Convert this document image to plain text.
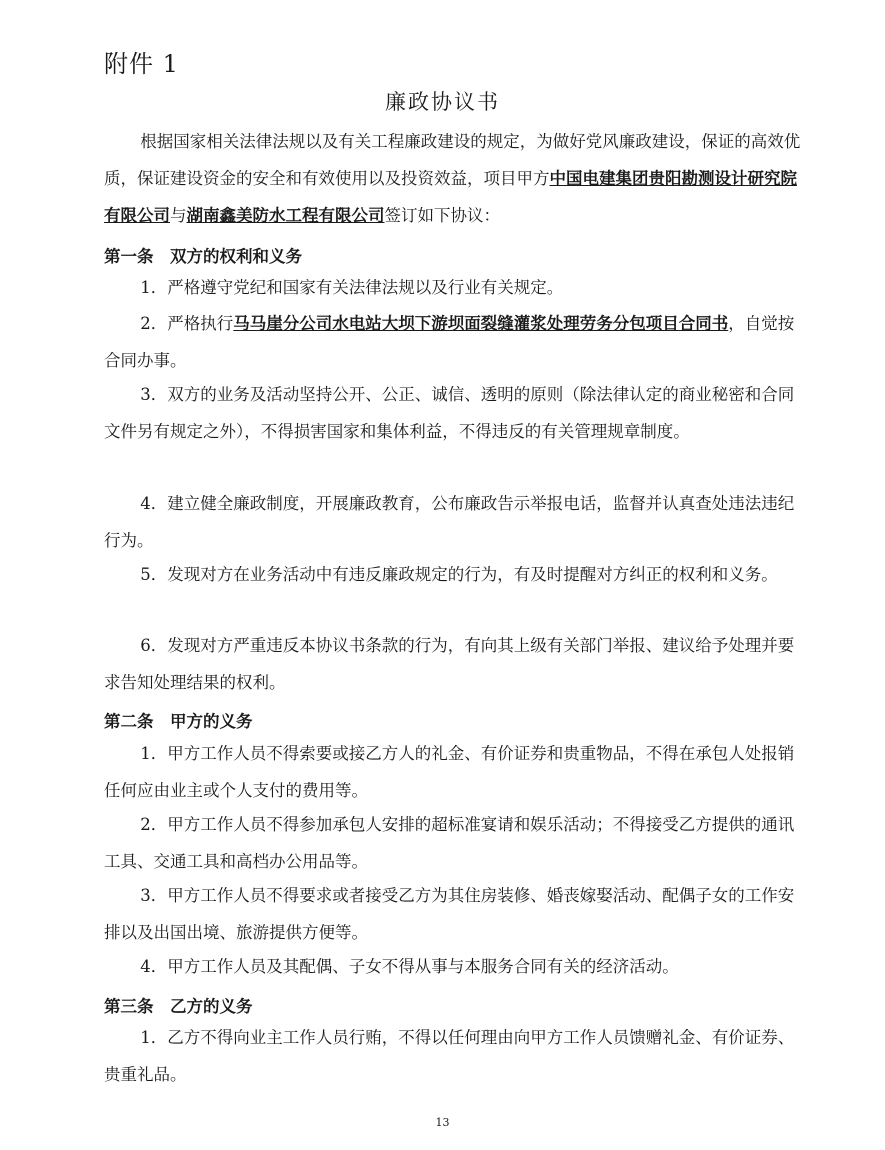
附件 1
廉政协议书
根据国家相关法律法规以及有关工程廉政建设的规定，为做好党风廉政建设，保证的高效优质，保证建设资金的安全和有效使用以及投资效益，项目甲方中国电建集团贵阳勘测设计研究院有限公司与湖南鑫美防水工程有限公司签订如下协议：
第一条　双方的权利和义务
1．严格遵守党纪和国家有关法律法规以及行业有关规定。
2．严格执行马马崖分公司水电站大坝下游坝面裂缝灌浆处理劳务分包项目合同书，自觉按合同办事。
3．双方的业务及活动坚持公开、公正、诚信、透明的原则（除法律认定的商业秘密和合同文件另有规定之外），不得损害国家和集体利益，不得违反的有关管理规章制度。
4．建立健全廉政制度，开展廉政教育，公布廉政告示举报电话，监督并认真查处违法违纪行为。
5．发现对方在业务活动中有违反廉政规定的行为，有及时提醒对方纠正的权利和义务。
6．发现对方严重违反本协议书条款的行为，有向其上级有关部门举报、建议给予处理并要求告知处理结果的权利。
第二条　甲方的义务
1．甲方工作人员不得索要或接乙方人的礼金、有价证券和贵重物品，不得在承包人处报销任何应由业主或个人支付的费用等。
2．甲方工作人员不得参加承包人安排的超标准宴请和娱乐活动；不得接受乙方提供的通讯工具、交通工具和高档办公用品等。
3．甲方工作人员不得要求或者接受乙方为其住房装修、婚丧嫁娶活动、配偶子女的工作安排以及出国出境、旅游提供方便等。
4．甲方工作人员及其配偶、子女不得从事与本服务合同有关的经济活动。
第三条　乙方的义务
1．乙方不得向业主工作人员行贿，不得以任何理由向甲方工作人员馈赠礼金、有价证券、贵重礼品。
13
